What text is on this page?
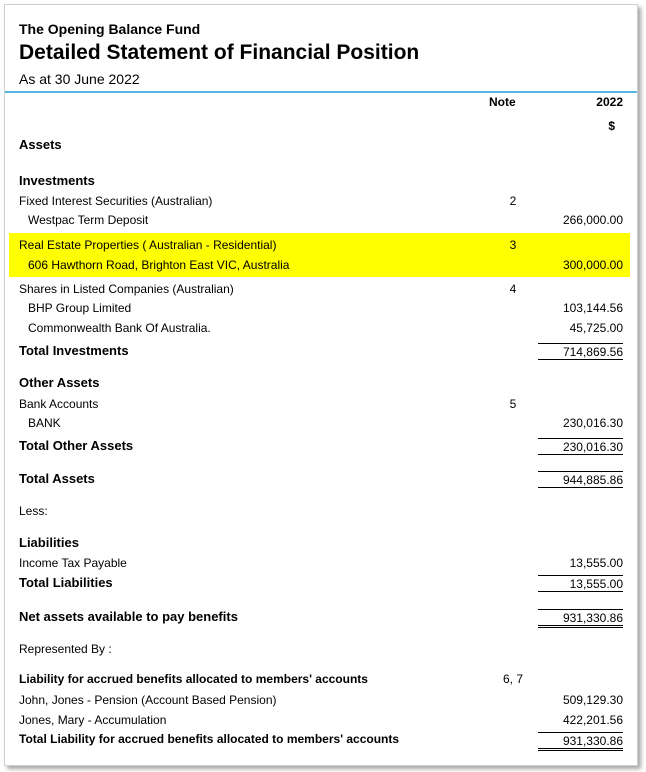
The Opening Balance Fund
Detailed Statement of Financial Position
As at 30 June 2022
Note	2022
$
Assets
Investments
Fixed Interest Securities (Australian)	2
Westpac Term Deposit	266,000.00
Real Estate Properties ( Australian - Residential)	3
606 Hawthorn Road, Brighton East VIC, Australia	300,000.00
Shares in Listed Companies (Australian)	4
BHP Group Limited	103,144.56
Commonwealth Bank Of Australia.	45,725.00
Total Investments	714,869.56
Other Assets
Bank Accounts	5
BANK	230,016.30
Total Other Assets	230,016.30
Total Assets	944,885.86
Less:
Liabilities
Income Tax Payable	13,555.00
Total Liabilities	13,555.00
Net assets available to pay benefits	931,330.86
Represented By :
Liability for accrued benefits allocated to members' accounts	6, 7
John, Jones - Pension (Account Based Pension)	509,129.30
Jones, Mary - Accumulation	422,201.56
Total Liability for accrued benefits allocated to members' accounts	931,330.86
